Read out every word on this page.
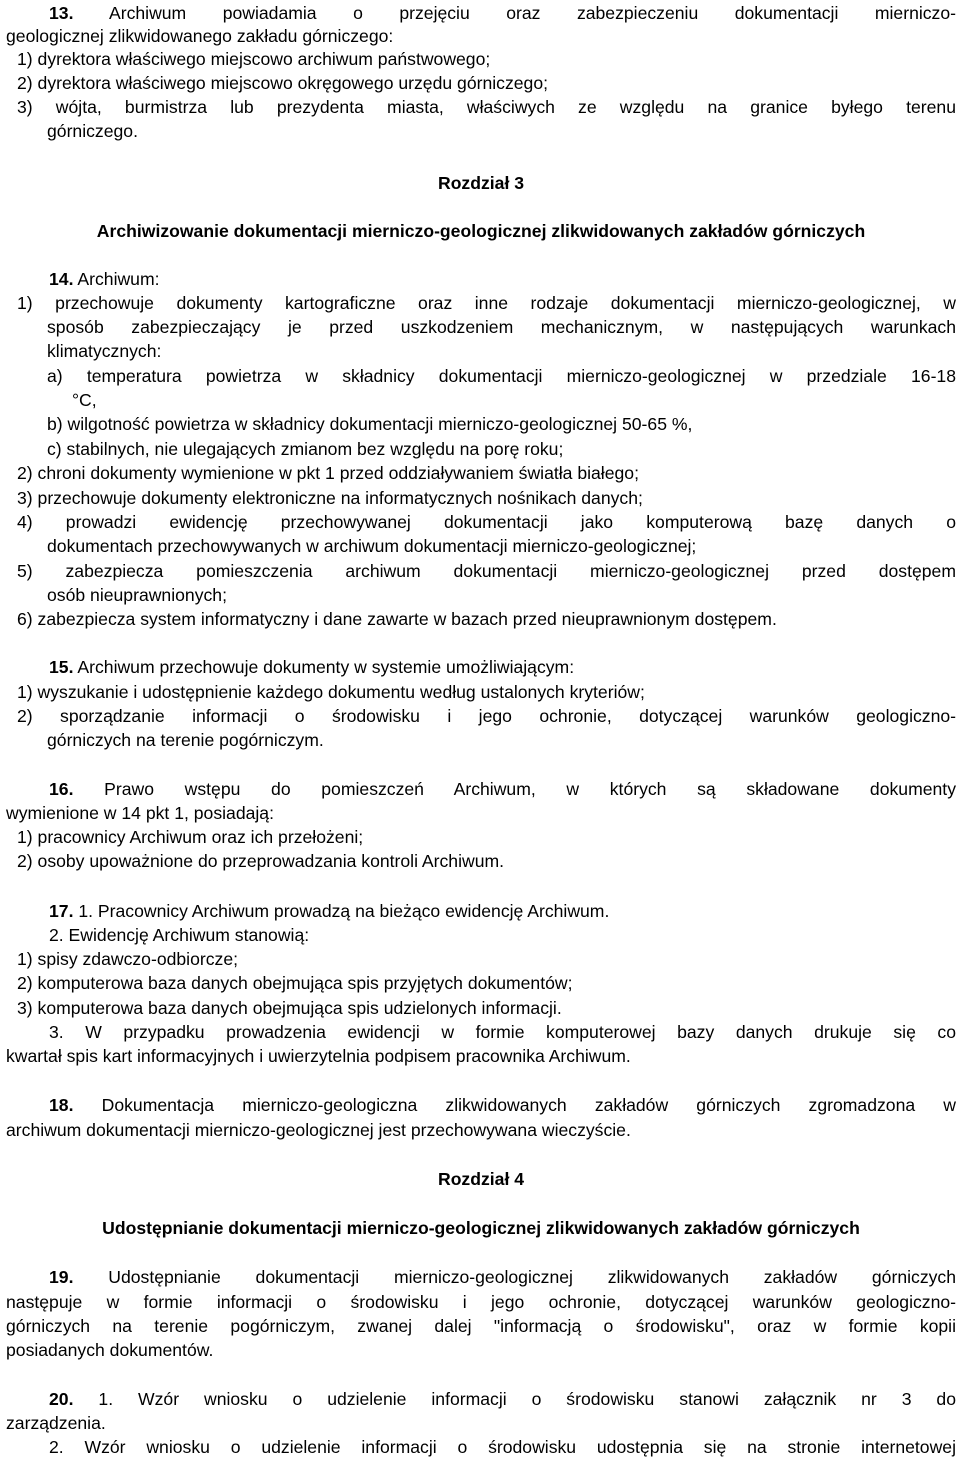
13. Archiwum powiadamia o przejęciu oraz zabezpieczeniu dokumentacji mierniczo-
geologicznej zlikwidowanego zakładu górniczego:
1) dyrektora właściwego miejscowo archiwum państwowego;
2) dyrektora właściwego miejscowo okręgowego urzędu górniczego;
3) wójta, burmistrza lub prezydenta miasta, właściwych ze względu na granice byłego terenu
górniczego.
Rozdział 3
Archiwizowanie dokumentacji mierniczo-geologicznej zlikwidowanych zakładów górniczych
14. Archiwum:
1) przechowuje dokumenty kartograficzne oraz inne rodzaje dokumentacji mierniczo-geologicznej, w
sposób zabezpieczający je przed uszkodzeniem mechanicznym, w następujących warunkach
klimatycznych:
a) temperatura powietrza w składnicy dokumentacji mierniczo-geologicznej w przedziale 16-18
°C,
b) wilgotność powietrza w składnicy dokumentacji mierniczo-geologicznej 50-65 %,
c) stabilnych, nie ulegających zmianom bez względu na porę roku;
2) chroni dokumenty wymienione w pkt 1 przed oddziaływaniem światła białego;
3) przechowuje dokumenty elektroniczne na informatycznych nośnikach danych;
4) prowadzi ewidencję przechowywanej dokumentacji jako komputerową bazę danych o
dokumentach przechowywanych w archiwum dokumentacji mierniczo-geologicznej;
5) zabezpiecza pomieszczenia archiwum dokumentacji mierniczo-geologicznej przed dostępem
osób nieuprawnionych;
6) zabezpiecza system informatyczny i dane zawarte w bazach przed nieuprawnionym dostępem.
15. Archiwum przechowuje dokumenty w systemie umożliwiającym:
1) wyszukanie i udostępnienie każdego dokumentu według ustalonych kryteriów;
2) sporządzanie informacji o środowisku i jego ochronie, dotyczącej warunków geologiczno-
górniczych na terenie pogórniczym.
16. Prawo wstępu do pomieszczeń Archiwum, w których są składowane dokumenty
wymienione w 14 pkt 1, posiadają:
1) pracownicy Archiwum oraz ich przełożeni;
2) osoby upoważnione do przeprowadzania kontroli Archiwum.
17. 1. Pracownicy Archiwum prowadzą na bieżąco ewidencję Archiwum.
2. Ewidencję Archiwum stanowią:
1) spisy zdawczo-odbiorcze;
2) komputerowa baza danych obejmująca spis przyjętych dokumentów;
3) komputerowa baza danych obejmująca spis udzielonych informacji.
3. W przypadku prowadzenia ewidencji w formie komputerowej bazy danych drukuje się co
kwartał spis kart informacyjnych i uwierzytelnia podpisem pracownika Archiwum.
18. Dokumentacja mierniczo-geologiczna zlikwidowanych zakładów górniczych zgromadzona w
archiwum dokumentacji mierniczo-geologicznej jest przechowywana wieczyście.
Rozdział 4
Udostępnianie dokumentacji mierniczo-geologicznej zlikwidowanych zakładów górniczych
19. Udostępnianie dokumentacji mierniczo-geologicznej zlikwidowanych zakładów górniczych
następuje w formie informacji o środowisku i jego ochronie, dotyczącej warunków geologiczno-
górniczych na terenie pogórniczym, zwanej dalej "informacją o środowisku", oraz w formie kopii
posiadanych dokumentów.
20. 1. Wzór wniosku o udzielenie informacji o środowisku stanowi załącznik nr 3 do
zarządzenia.
2. Wzór wniosku o udzielenie informacji o środowisku udostępnia się na stronie internetowej
